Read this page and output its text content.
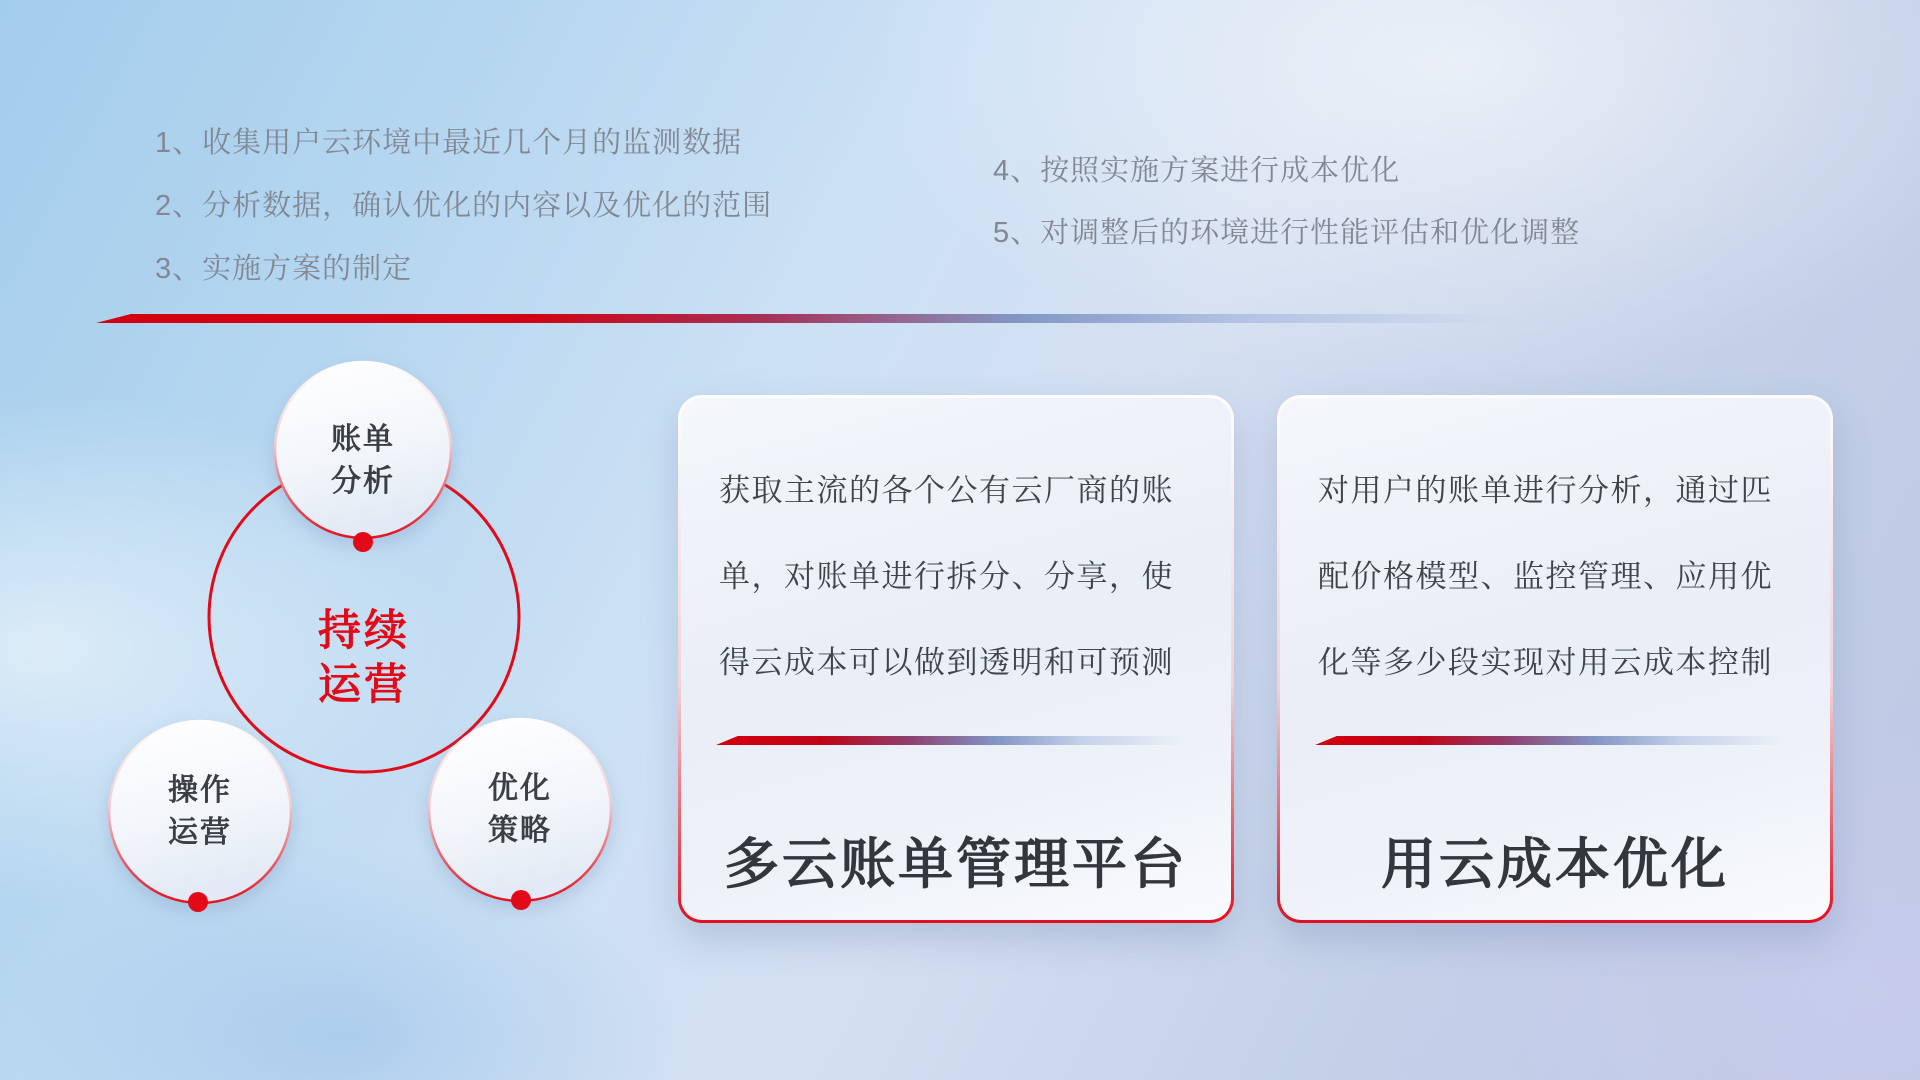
1、收集用户云环境中最近几个月的监测数据
2、分析数据，确认优化的内容以及优化的范围
3、实施方案的制定
4、按照实施方案进行成本优化
5、对调整后的环境进行性能评估和优化调整
账单
分析
操作
运营
优化
策略
持续
运营
获取主流的各个公有云厂商的账
单，对账单进行拆分、分享，使
得云成本可以做到透明和可预测
多云账单管理平台
对用户的账单进行分析，通过匹
配价格模型、监控管理、应用优
化等多少段实现对用云成本控制
用云成本优化
